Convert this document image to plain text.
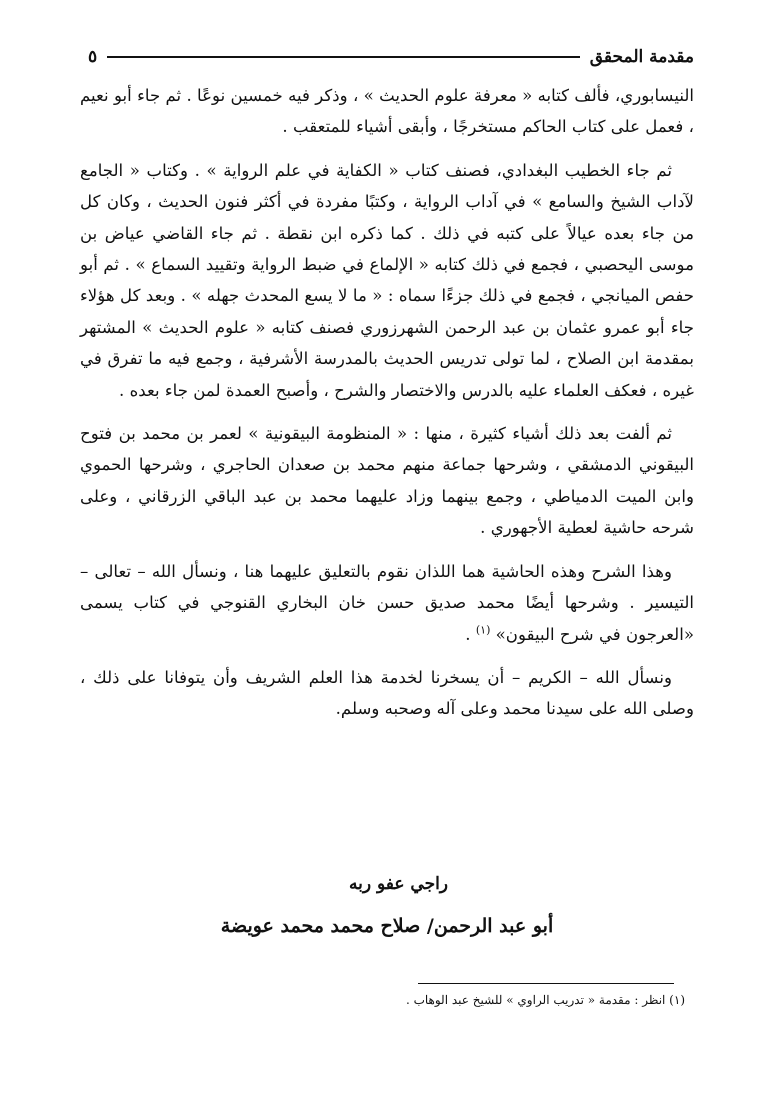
مقدمة المحقق
٥

النيسابوري، فألف كتابه « معرفة علوم الحديث » ، وذكر فيه خمسين نوعًا . ثم جاء أبو نعيم ، فعمل على كتاب الحاكم مستخرجًا ، وأبقى أشياء للمتعقب .

ثم جاء الخطيب البغدادي، فصنف كتاب « الكفاية في علم الرواية » . وكتاب « الجامع لآداب الشيخ والسامع » في آداب الرواية ، وكتبًا مفردة في أكثر فنون الحديث ، وكان كل من جاء بعده عيالاً على كتبه في ذلك . كما ذكره ابن نقطة . ثم جاء القاضي عياض بن موسى اليحصبي ، فجمع في ذلك كتابه « الإلماع في ضبط الرواية وتقييد السماع » . ثم أبو حفص الميانجي ، فجمع في ذلك جزءًا سماه : « ما لا يسع المحدث جهله » . وبعد كل هؤلاء جاء أبو عمرو عثمان بن عبد الرحمن الشهرزوري فصنف كتابه « علوم الحديث » المشتهر بمقدمة ابن الصلاح ، لما تولى تدريس الحديث بالمدرسة الأشرفية ، وجمع فيه ما تفرق في غيره ، فعكف العلماء عليه بالدرس والاختصار والشرح ، وأصبح العمدة لمن جاء بعده .

ثم ألفت بعد ذلك أشياء كثيرة ، منها : « المنظومة البيقونية » لعمر بن محمد بن فتوح البيقوني الدمشقي ، وشرحها جماعة منهم محمد بن صعدان الحاجري ، وشرحها الحموي وابن الميت الدمياطي ، وجمع بينهما وزاد عليهما محمد بن عبد الباقي الزرقاني ، وعلى شرحه حاشية لعطية الأجهوري .

وهذا الشرح وهذه الحاشية هما اللذان نقوم بالتعليق عليهما هنا ، ونسأل الله – تعالى – التيسير . وشرحها أيضًا محمد صديق حسن خان البخاري القنوجي في كتاب يسمى «العرجون في شرح البيقون» $^{(١)}$ .

ونسأل الله – الكريم – أن يسخرنا لخدمة هذا العلم الشريف وأن يتوفانا على ذلك ، وصلى الله على سيدنا محمد وعلى آله وصحبه وسلم.

راجي عفو ربه
أبو عبد الرحمن/ صلاح محمد محمد عويضة
(١) انظر : مقدمة « تدريب الراوي » للشيخ عبد الوهاب .
